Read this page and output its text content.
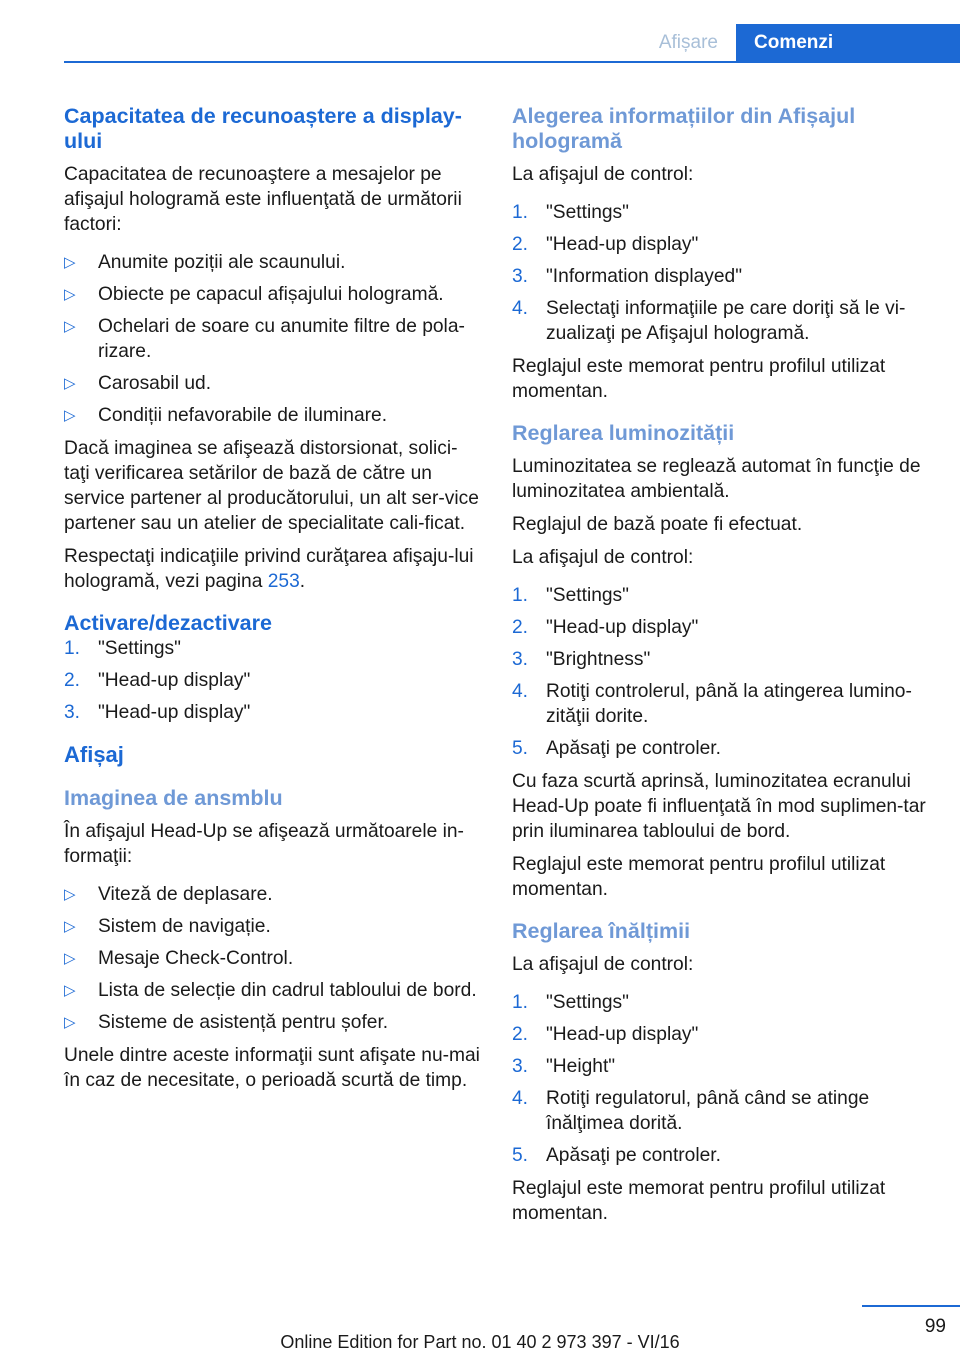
Afișare	Comenzi
Capacitatea de recunoaștere a display-ului

Capacitatea de recunoaştere a mesajelor pe afişajul hologramă este influenţată de următorii factori:

▷ Anumite poziții ale scaunului.
▷ Obiecte pe capacul afișajului hologramă.
▷ Ochelari de soare cu anumite filtre de pola-rizare.
▷ Carosabil ud.
▷ Condiții nefavorabile de iluminare.

Dacă imaginea se afişează distorsionat, solici-taţi verificarea setărilor de bază de către un service partener al producătorului, un alt ser-vice partener sau un atelier de specialitate cali-ficat.

Respectaţi indicaţiile privind curăţarea afişaju-lui hologramă, vezi pagina 253.

Activare/dezactivare
1. "Settings"
2. "Head-up display"
3. "Head-up display"
Afișaj
Imaginea de ansmblu

În afişajul Head-Up se afişează următoarele in-formaţii:

▷ Viteză de deplasare.
▷ Sistem de navigație.
▷ Mesaje Check-Control.
▷ Lista de selecție din cadrul tabloului de bord.
▷ Sisteme de asistență pentru șofer.

Unele dintre aceste informaţii sunt afişate nu-mai în caz de necesitate, o perioadă scurtă de timp.

Alegerea informațiilor din Afișajul hologramă

La afişajul de control:

1. "Settings"
2. "Head-up display"
3. "Information displayed"
4. Selectaţi informaţiile pe care doriţi să le vi-zualizaţi pe Afişajul hologramă.

Reglajul este memorat pentru profilul utilizat momentan.

Reglarea luminozității

Luminozitatea se reglează automat în funcţie de luminozitatea ambientală.

Reglajul de bază poate fi efectuat.

La afişajul de control:

1. "Settings"
2. "Head-up display"
3. "Brightness"
4. Rotiţi controlerul, până la atingerea lumino-zităţii dorite.
5. Apăsaţi pe controler.

Cu faza scurtă aprinsă, luminozitatea ecranului Head-Up poate fi influenţată în mod suplimen-tar prin iluminarea tabloului de bord.

Reglajul este memorat pentru profilul utilizat momentan.

Reglarea înălțimii

La afişajul de control:

1. "Settings"
2. "Head-up display"
3. "Height"
4. Rotiţi regulatorul, până când se atinge înălţimea dorită.
5. Apăsaţi pe controler.

Reglajul este memorat pentru profilul utilizat momentan.

99
Online Edition for Part no. 01 40 2 973 397 - VI/16
